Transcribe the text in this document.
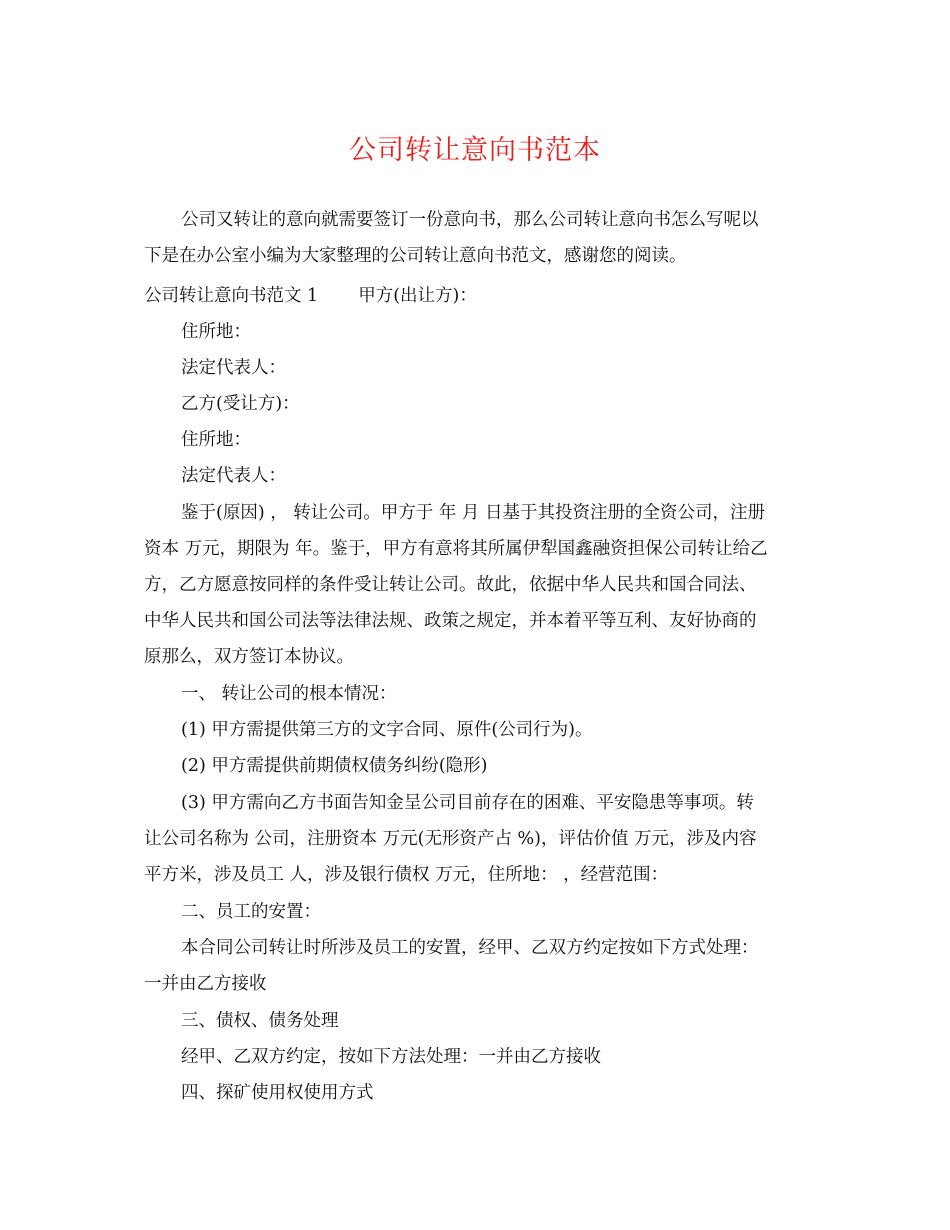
公司转让意向书范本
公司又转让的意向就需要签订一份意向书，那么公司转让意向书怎么写呢以
下是在办公室小编为大家整理的公司转让意向书范文，感谢您的阅读。
公司转让意向书范文 1 甲方(出让方)：
住所地：
法定代表人：
乙方(受让方)：
住所地：
法定代表人：
鉴于(原因) ， 转让公司。甲方于 年 月 日基于其投资注册的全资公司，注册
资本 万元，期限为 年。鉴于，甲方有意将其所属伊犁国鑫融资担保公司转让给乙
方，乙方愿意按同样的条件受让转让公司。故此，依据中华人民共和国合同法、
中华人民共和国公司法等法律法规、政策之规定，并本着平等互利、友好协商的
原那么，双方签订本协议。
一、 转让公司的根本情况：
(1) 甲方需提供第三方的文字合同、原件(公司行为)。
(2) 甲方需提供前期债权债务纠纷(隐形)
(3) 甲方需向乙方书面告知金呈公司目前存在的困难、平安隐患等事项。转
让公司名称为 公司，注册资本 万元(无形资产占 %)，评估价值 万元，涉及内容
平方米，涉及员工 人，涉及银行债权 万元，住所地： ，经营范围：
二、员工的安置：
本合同公司转让时所涉及员工的安置，经甲、乙双方约定按如下方式处理：
一并由乙方接收
三、债权、债务处理
经甲、乙双方约定，按如下方法处理：一并由乙方接收
四、探矿使用权使用方式
